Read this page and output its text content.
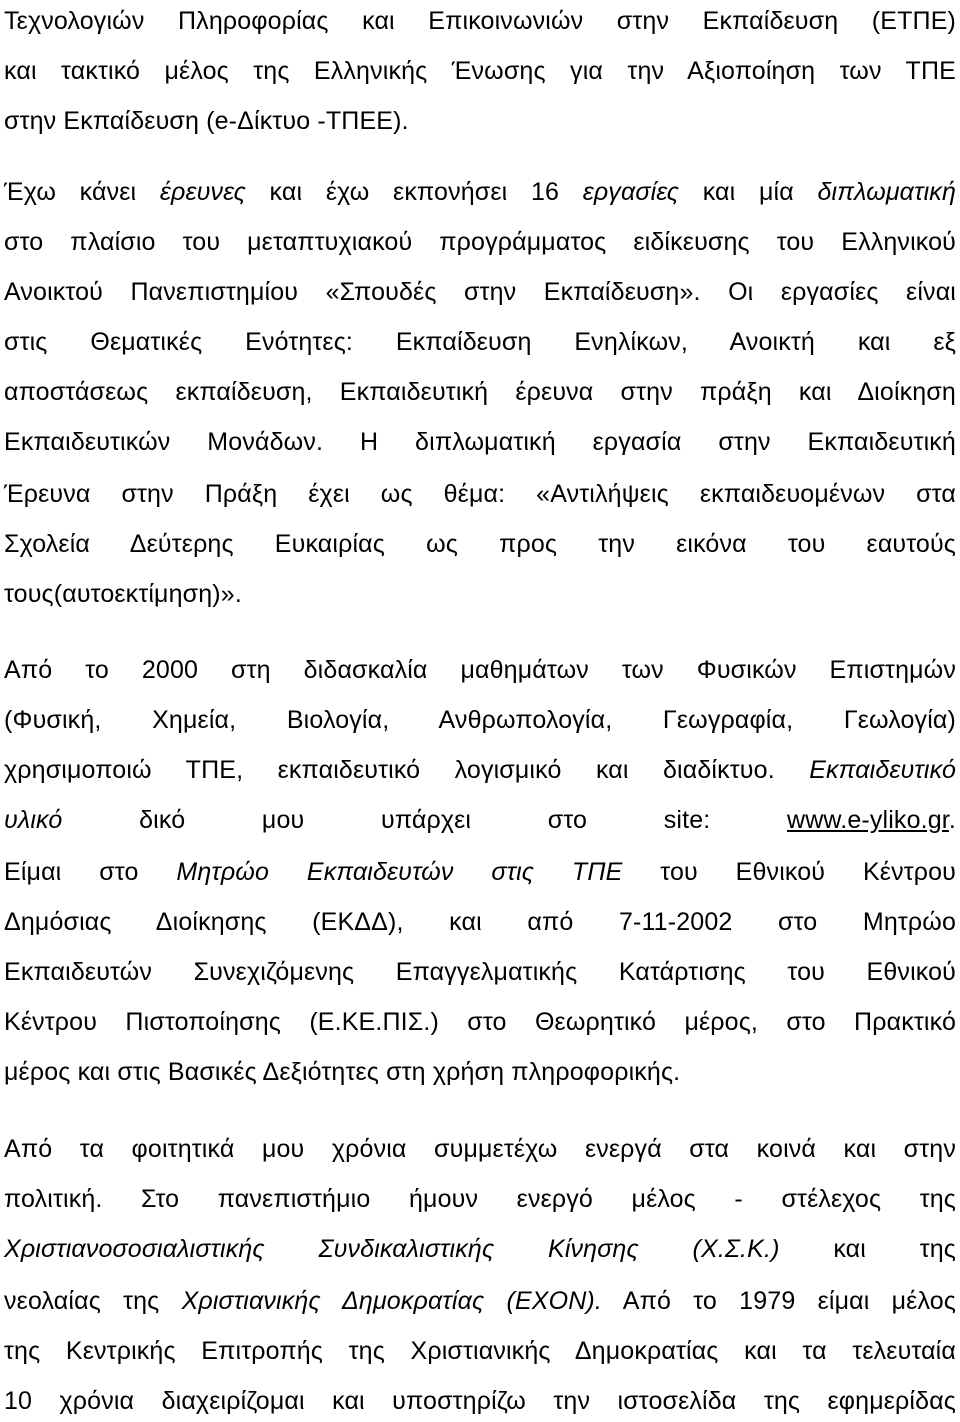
Τεχνολογιών Πληροφορίας και Επικοινωνιών στην Εκπαίδευση (ΕΤΠΕ)
και τακτικό μέλος της Ελληνικής Ένωσης για την Αξιοποίηση των ΤΠΕ
στην Εκπαίδευση (e-Δίκτυο -ΤΠΕΕ).
Έχω κάνει έρευνες και έχω εκπονήσει 16 εργασίες και μία διπλωματική
στο πλαίσιο του μεταπτυχιακού προγράμματος ειδίκευσης του Ελληνικού
Ανοικτού Πανεπιστημίου «Σπουδές στην Εκπαίδευση». Οι εργασίες είναι
στις Θεματικές Ενότητες: Εκπαίδευση Ενηλίκων, Ανοικτή και εξ
αποστάσεως εκπαίδευση, Εκπαιδευτική έρευνα στην πράξη και Διοίκηση
Εκπαιδευτικών Μονάδων. Η διπλωματική εργασία στην Εκπαιδευτική
Έρευνα στην Πράξη έχει ως θέμα: «Αντιλήψεις εκπαιδευομένων στα
Σχολεία Δεύτερης Ευκαιρίας ως προς την εικόνα του εαυτούς
τους(αυτοεκτίμηση)».
Από το 2000 στη διδασκαλία μαθημάτων των Φυσικών Επιστημών
(Φυσική, Χημεία, Βιολογία, Ανθρωπολογία, Γεωγραφία, Γεωλογία)
χρησιμοποιώ ΤΠΕ, εκπαιδευτικό λογισμικό και διαδίκτυο. Εκπαιδευτικό
υλικό δικό μου υπάρχει στο site: www.e-yliko.gr.
Είμαι στο Μητρώο Εκπαιδευτών στις ΤΠΕ του Εθνικού Κέντρου
Δημόσιας Διοίκησης (ΕΚΔΔ), και από 7-11-2002 στο Μητρώο
Εκπαιδευτών Συνεχιζόμενης Επαγγελματικής Κατάρτισης του Εθνικού
Κέντρου Πιστοποίησης (Ε.ΚΕ.ΠΙΣ.) στο Θεωρητικό μέρος, στο Πρακτικό
μέρος και στις Βασικές Δεξιότητες στη χρήση πληροφορικής.
Από τα φοιτητικά μου χρόνια συμμετέχω ενεργά στα κοινά και στην
πολιτική. Στο πανεπιστήμιο ήμουν ενεργό μέλος - στέλεχος της
Χριστιανοσοσιαλιστικής Συνδικαλιστικής Κίνησης (Χ.Σ.Κ.) και της
νεολαίας της Χριστιανικής Δημοκρατίας (ΕΧΟΝ). Από το 1979 είμαι μέλος
της Κεντρικής Επιτροπής της Χριστιανικής Δημοκρατίας και τα τελευταία
10 χρόνια διαχειρίζομαι και υποστηρίζω την ιστοσελίδα της εφημερίδας
